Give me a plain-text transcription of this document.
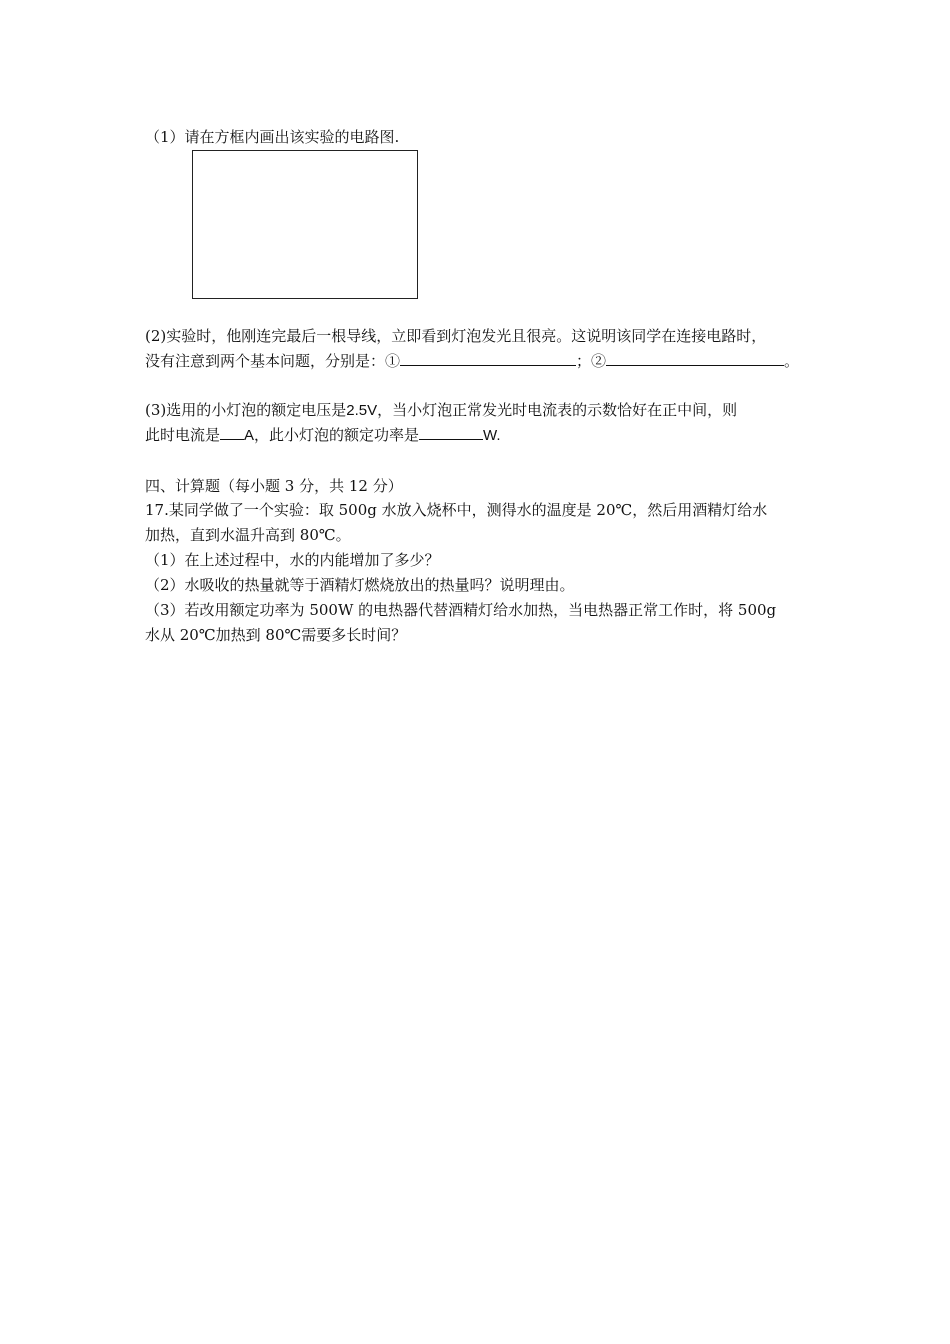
（1）请在方框内画出该实验的电路图.
(2)实验时，他刚连完最后一根导线，立即看到灯泡发光且很亮。这说明该同学在连接电路时，
没有注意到两个基本问题，分别是：①	；②	。
(3)选用的小灯泡的额定电压是2.5V，当小灯泡正常发光时电流表的示数恰好在正中间，则
此时电流是 A，此小灯泡的额定功率是	W.
四、计算题（每小题 3 分，共 12 分）
17.某同学做了一个实验：取 500g 水放入烧杯中，测得水的温度是 20℃，然后用酒精灯给水
加热，直到水温升高到 80℃。
（1）在上述过程中，水的内能增加了多少？
（2）水吸收的热量就等于酒精灯燃烧放出的热量吗？说明理由。
（3）若改用额定功率为 500W 的电热器代替酒精灯给水加热，当电热器正常工作时，将 500g
水从 20℃加热到 80℃需要多长时间？
